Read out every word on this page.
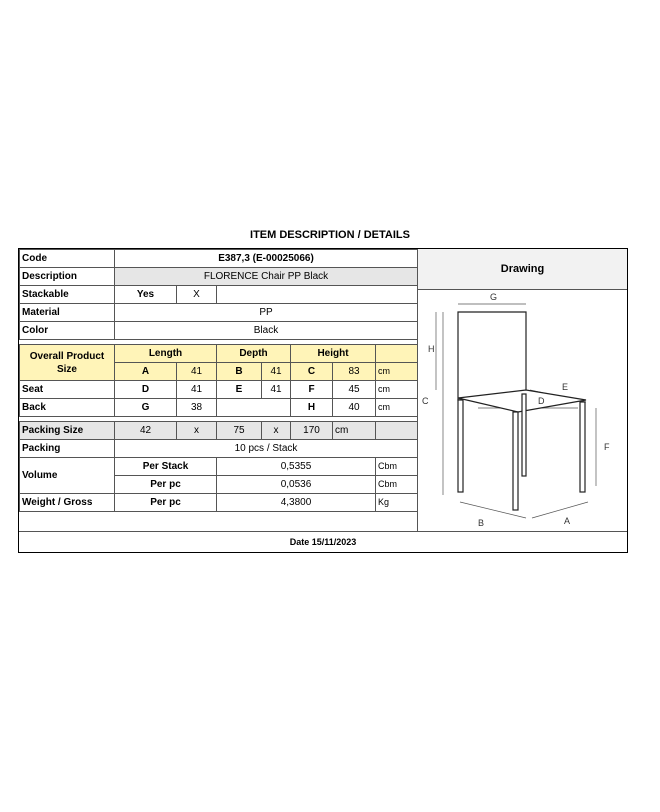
ITEM DESCRIPTION / DETAILS
Code	E387,3 (E-00025066)						
Description	FLORENCE Chair PP Black						
Stackable	Yes	X					
Material	PP						
Color	Black						

Overall Product Size	Length		Depth		Height		
	A	41	B	41	C	83	cm
Seat	D	41	E	41	F	45	cm
Back	G	38			H	40	cm

Packing Size	42	x	75	x	170	cm	
Packing	10 pcs / Stack						
Volume	Per Stack		0,5355				Cbm
	Per pc		0,0536				Cbm
Weight / Gross	Per pc		4,3800				Kg
Drawing
G
H
C
E
D
F
B	A
Date 15/11/2023
